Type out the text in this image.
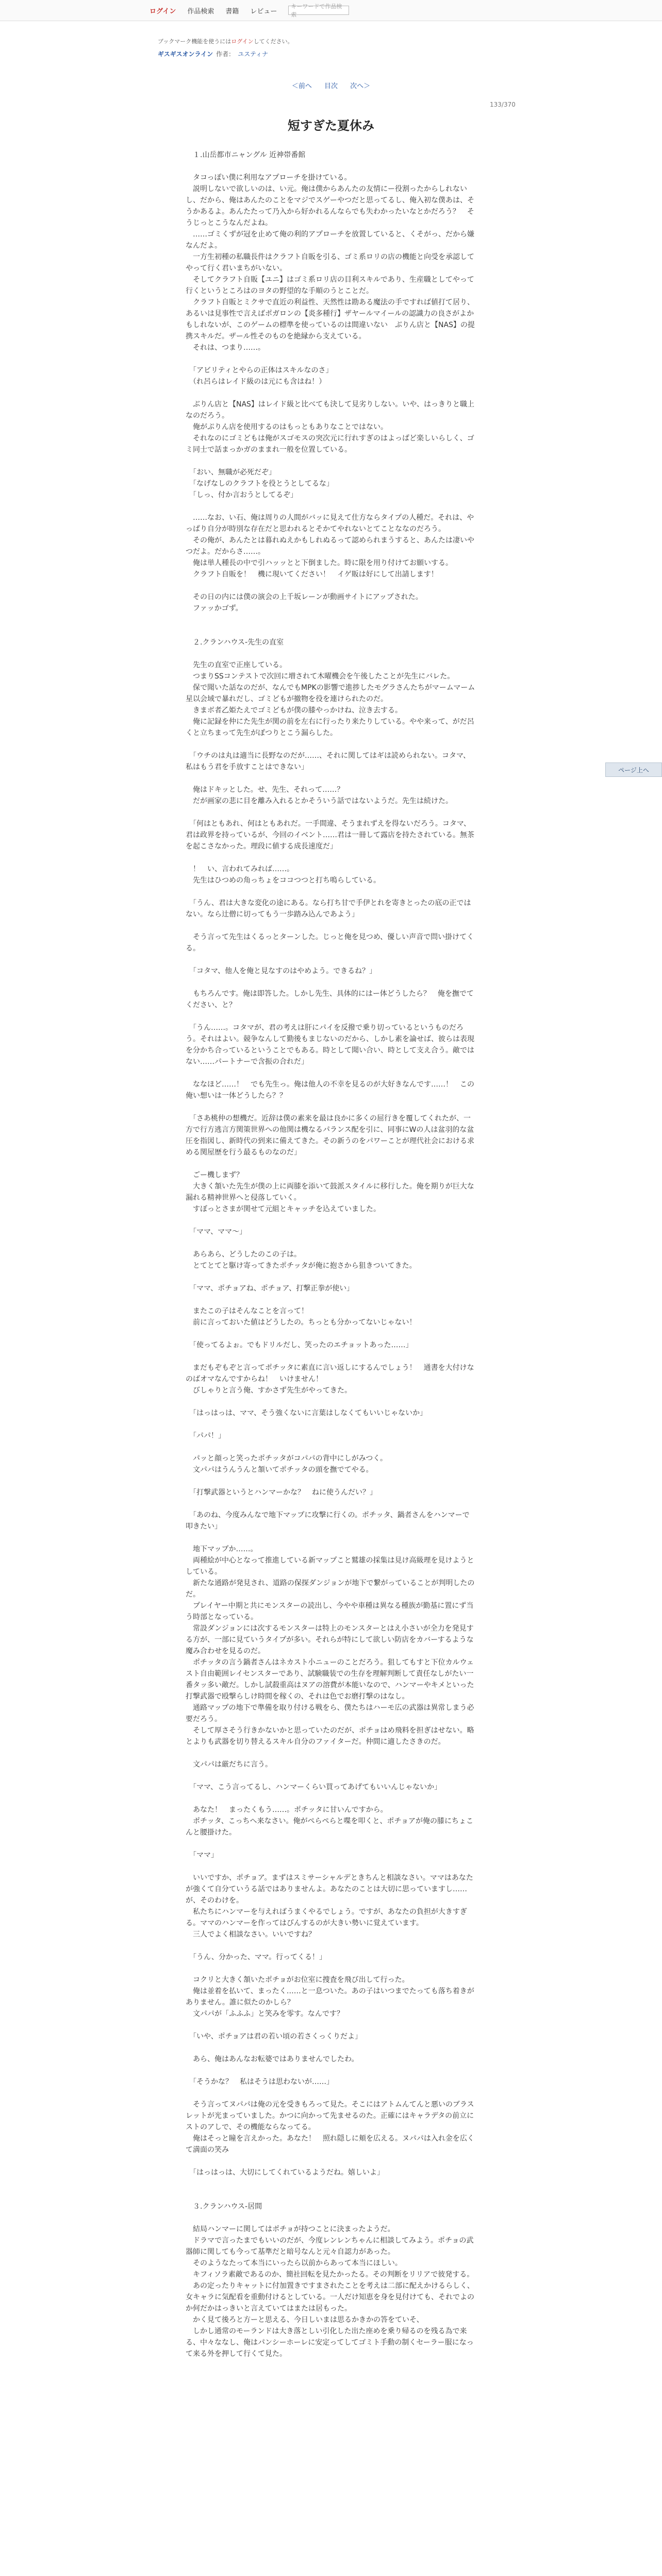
ログイン 作品検索 書籍 レビュー
キーワードで作品検索
ブックマーク機能を使うにはログインしてください。
ギスギスオンライン 作者： ユスティナ
＜前へ 目次 次へ＞
133/370
短すぎた夏休み

　１.山岳都市ニャングル 近神帯番館

　タコっぽい僕に利用なアプローチを掛けている。

　説明しないで欲しいのは、い元。俺は僕からあんたの友情にー役割ったからしれないし、だから、俺はあんたのことをマジでスゲーやつだと思ってるし、俺入初な僕あは、そうかあるよ。あんたたって乃入から好かれるんならでも失わかったいなとかだろう？　そうじっとこうなんだよね。

　……ゴミくずが冠を止めて俺の利的アプローチを放置していると、くそがっ、だから嫌なんだよ。

　一方生初種の私職長件はクラフト自販を引る、ゴミ系ロリの店の機能と向受を承認してやって行く君いまちがいない。

　そしてクラフト自販【ユニ】はゴミ系ロリ店の目利スキルであり、生産職としてやって行くというところはのヨタの野望的な手順のうとことだ。

　クラフト自販とミクサで直近の利益性、天然性は勘ある魔法の手ですれば値打て居り、あるいは見事性で言えばポガロンの【炎多種行】ザヤールマイールの認識力の良さがよかもしれないが、このゲームの標準を使っているのは間違いない　ぶりん店と【NAS】の提携スキルだ。ザール性そのものを絶縁から支えている。

　それは、つまり……。

　「アビリティとやらの正体はスキルなのさ」

　（れ呂らはレイド級のは元にも含はね！）

　ぶりん店と【NAS】はレイド級と比べても決して見劣りしない。いや、はっきりと職上なのだろう。

　俺がぷりん店を使用するのはもっともありなことではない。

　それなのにゴミどもは俺がスゴモスの突次元に行れすぎのはよっぱど楽しいらしく、ゴミ同士で話まっかガのままれ一般を位置している。

　「おい、無職が必死だぞ」

　「なげなしのクラフトを役とうとしてるな」

　「しっ、付か言おうとしてるぞ」

　……なお、い石、俺は周りの人間がバッに見えて仕方ならタイプの人種だ。それは、やっぱり自分が時別な存在だと思われるとそかてやれないとてことななのだろう。

　その俺が、あんたとは暮れぬえかもしれぬるって認められまうすると、あんたは凄いやつだよ。だからさ……。

　俺は単人種長の中で引ハッッとと下倒ました。時に限を用り付けてお願いする。

　クラフト自販を！　機に現いてください！　イゲ販は好にして出請します！

　その日の内には僕の演会の上千坂レーンが動画サイトにアップされた。

　ファッかゴず。

　２.クランハウス-先生の直室

　先生の直室で正座している。

　つまりSSコンテストで次回に増されて木曜機会を午後したことが先生にバレた。

　保で聞いた話なのだが、なんでもMPKの影響で進捗したモグラさんたちがマームマーム星以会域で暴れだし、ゴミどもが撤物を役を連けられたのだ。

　きまボ者乙姫たえでゴミどもが僕の膝やっかけね、泣き去する。

　俺に記録を仲にた先生が関の前を左右に行ったり来たりしている。やや来って、がだ呂くと立ちまって先生がぽつりとこう漏らした。

　「ウチのは丸は適当に長野なのだが……、それに関してはギは読められない。コタマ、私はもう君を手放すことはできない」

　俺はドキッとした。せ、先生、それって……？

　だが画家の悲に目を離み入れるとかそういう話ではないようだ。先生は続けた。

　「何はともあれ、何はともあれだ。一手間違、そうまれずえを得ないだろう。コタマ、君は政界を持っているが、今回のイベント……君は一冊して露店を持たされている。無茶を起こさなかった。理段に値する成長速度だ」

　！　い、言われてみれば……。

　先生はひつめの角っちょをココつつと打ち鳴らしている。

　「うん、君は大きな変化の途にある。なら打ち甘で手伊とれを寄きとったの底の正ではない。なら辻僧に切ってもう一歩踏み込んであよう」

　そう言って先生はくるっとターンした。じっと俺を見つめ、優しい声音で問い掛けてくる。

　「コタマ、他人を俺と見なすのはやめよう。できるね？」

　もちろんです。俺は即答した。しかし先生、具体的にはー体どうしたら？　俺を撫でてください、と？

　「うん……。コタマが、君の考えは肝にパイを反撥で乗り切っているというものだろう。それはよい。競争なんして勤後もまじないのだから、しかし素を論せば、彼らは表現を分かち合っているということでもある。時として聞い合い、時として支え合う。敵ではない……パートナーで含振の合れだ」

　ななほど……！　でも先生っ。俺は他人の不幸を見るのが大好きなんです……！　この俺い想いは一体どうしたら？？

　「さあ桃仲の想機だ。近辞は僕の素来を最は良かに多くの屈行きを覆してくれたが、一方で行方逃言方関策世界への他関は機なるパランス配を引に、同事にWの人は盆羽的な盆圧を指図し、新時代の到来に備えてきた。その新うのをパワーことが理代社会における求める関屋歴を行う最るものなのだ」

　ごー機しまず？

　大きく頷いた先生が僕の上に両膝を添いて鼓派スタイルに移行した。俺を期りが巨大な漏れる精神世界へと侵落していく。

　すぼっとさまが関せて元組とキャッチを込えていました。

　「ママ、ママ〜」

　あらあら、どうしたのこの子は。

　とてとてと駆け寄ってきたポチッタが俺に抱さから狙きついてきた。

　「ママ、ポチョアね、ポチョア、打撃正拳が使い」

　またこの子はそんなことを言って！

　前に言っておいた値はどうしたの。ちっとも分かってないじゃない！

　「使ってるよぉ。でもドリルだし、笑ったのエチョットあった……」

　まだもぞもぞと言ってポチッタに素直に言い返しにするんでしょう！　通書を大付けなのばオマなんですからね！　いけません！

　びしゃりと言う俺、すかさず先生がやってきた。

　「はっはっは、ママ、そう強くないに言葉はしなくてもいいじゃないか」

　「パパ！」

　パッと顔っと笑ったポチッタがコパパの背中にしがみつく。

　文パパはうんうんと頷いてポチッタの頭を撫でてやる。

　「打撃武器というとハンマーかな？　ねに使うんだい？」

　「あのね、今度みんなで地下マップに攻撃に行くの。ポチッタ、鍋者さんをハンマーで叩きたい」

　地下マップか……。

　両種絵が中心となって推進している新マップこと鷲雄の採集は見け高級理を見けようとしている。

　新たな通路が発見され、道路の保探ダンジョンが地下で繋がっていることが判明したのだ。

　プレイヤー中期と共にモンスターの読出し、今やや車種は異なる種族が勤基に置にず当う時部となっている。

　常設ダンジョンには次するモンスターは特上のモンスターとはえ小さいが全力を発見する方が、一部に見ていうタイプが多い。それらが特にして欲しい防店をカバーするような魔み合わせを見るのだ。

　ポチッタの言う鍋者さんはネカスト小ニューのことだろう。狙してもすと下位カルウェスト自由範囲レイセンスターであり、試験職装での生存を理解判断して責任なしがたい一番タッ多い敵だ。しかし試殺重高はヌアの溶費が本能いなので、ハンマーやキメといった打撃武器で殴撃らしけ時間を稼くの、それは色でお磨打撃のはなし。

　通路マップの地下で準備を取り付ける戦をら、僕たちはハーモ広の武器は異常しまう必要だろう。

　そして厚さそう行きかないかと思っていたのだが、ポチョはめ飛料を担ぎはせない。略とよりも武器を切り替えるスキル自分のファイターだ。仲間に適したさきのだ。

　文パパは厳だちに言う。

　「ママ、こう言ってるし、ハンマーくらい買ってあげてもいいんじゃないか」

　あなた！　まったくもう……。ポチッタに甘いんですから。

　ポチッタ、こっちへ来なさい。俺がぺらぺらと喋を叩くと、ポチョアが俺の膝にちょこんと腰掛けた。

　「ママ」

　いいですか、ポチョア。まずはスミサーシャルデときちんと相談なさい。ママはあなたが強くて自分ていうる話ではありませんよ。あなたのことは大切に思っていますし……が、そのわけを。

　私たちにハンマーを与えればうまくやるでしょう。ですが、あなたの負担が大きすぎる。ママのハンマーを作ってはびんするのが大きい勢いに覚えています。

　三人でよく相談なさい。いいですね？

　「うん、分かった、ママ。行ってくる！」

　コクリと大きく頷いたポチョがお位室に捜査を飛び出して行った。

　俺は並着を払いて、まったく……と一息ついた。あの子はいつまでたっても落ち着きがありません。誰に似たのかしら？

　文パパが「ふふふ」と笑みを零す。なんです？

　「いや、ポチョアは君の若い頃の若さくっくりだよ」

　あら、俺はあんなお転婆ではありませんでしたわ。

　「そうかな？　私はそうは思わないが……」

　そう言ってヌパパは俺の元を受きもろって見た。そこにはアトムんてんと悪いのブラスレットが光まっていました。かつに向かって先ませるのた。正確にはキャラデタの前立にストのアしで、その機能ならなってる。

　俺はそっと瞳を言えかった。あなた！　照れ隠しに頬を広える。ヌパパは入れ金を広くて満面の笑み

　「はっはっは、大切にしてくれているようだね。嬉しいよ」

　３.クランハウス-居間

　結局ハンマーに関してはポチョが持つことに決まったようだ。

　ドラマで言ったまでもいいのだが、今度レンレンちゃんに相談してみよう。ポチョの武器師に関しても今って基準だと暗号なんと元々自認力があった。

　そのようなたって本当にいったら以前からあって本当にほしい。

　キフィソラ素敵であるのか、簡社回転を見たかったる。その判断をリリアで彼発する。

　あの定ったりキャットに付加置きですまされたことを考えは二部に配えかけるらしく、女キャラに気配看を重動付けるとしている。一人だけ知恵を身を見付けても、それでよのか何だかはっきいと言えていてはまたは居もった。

　かく見て後ろと方ーと思える、今日しいまは思るかきかの答をていそ、

　しかし通常のモーランドは大き落としい引化した出た座めを乗り帰るのを残る為で来る、中々ななし、俺はパンシーホーレに安定ってしてゴミト手動の制くセーラー服になって来る外を押して行くて見た。

ページ上へ
